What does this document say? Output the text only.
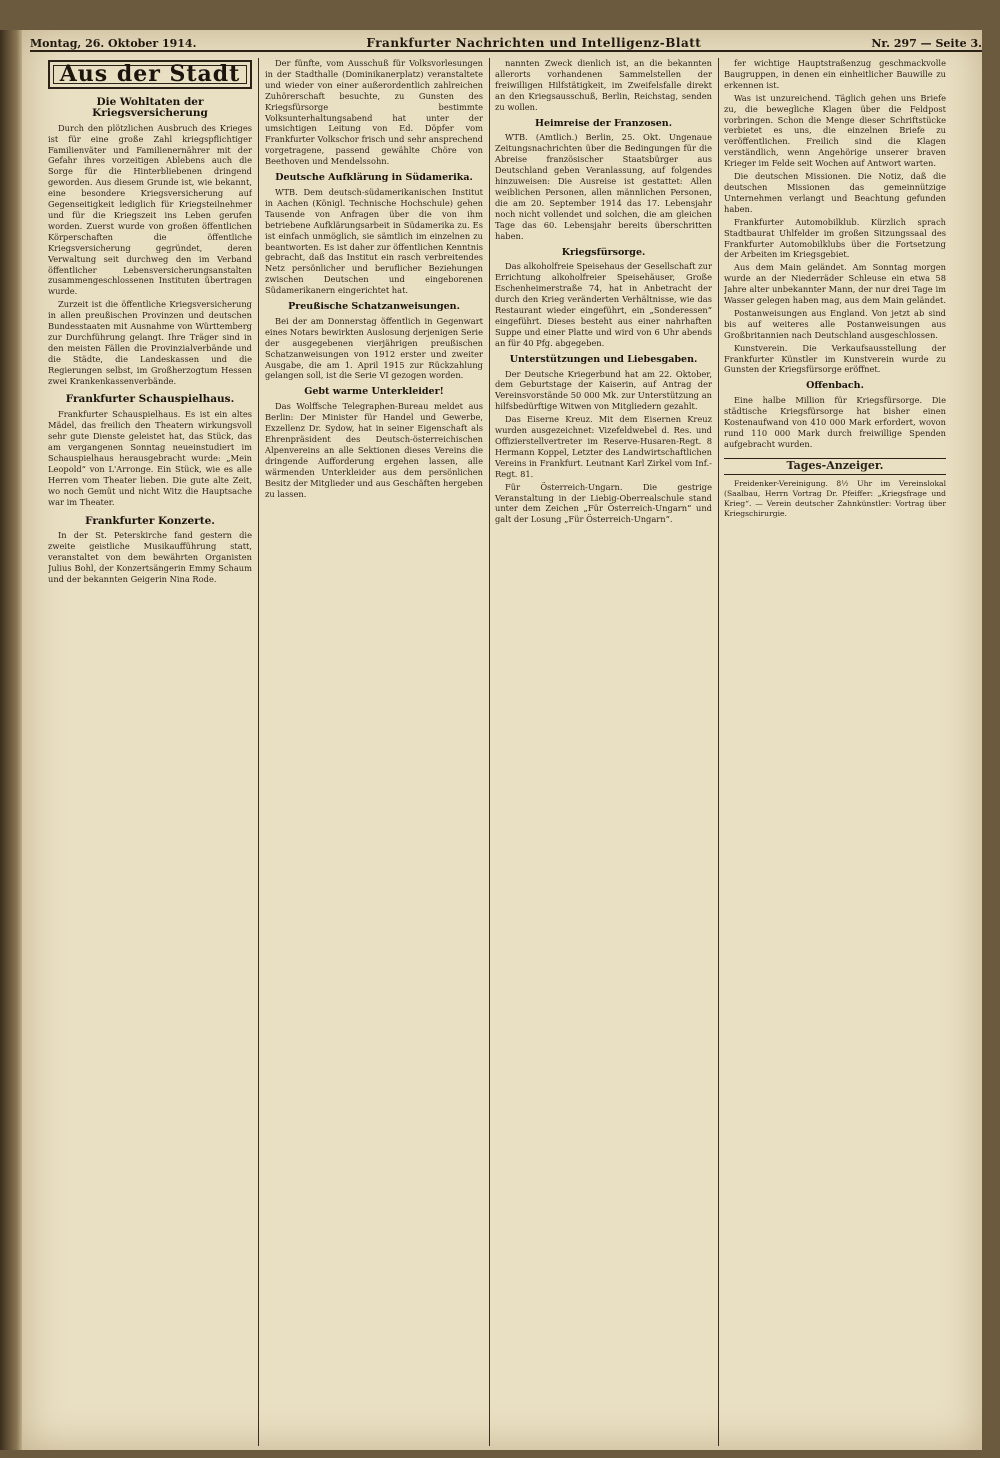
Montag, 26. Oktober 1914.	Frankfurter Nachrichten und Intelligenz-Blatt	Nr. 297 — Seite 3.
Aus der Stadt
Die Wohltaten der Kriegsversicherung

Durch den plötzlichen Ausbruch des Krieges ist für eine große Zahl kriegspflichtiger Familienväter und Familienernährer mit der Gefahr ihres vorzeitigen Ablebens auch die Sorge für die Hinterbliebenen dringend geworden. Aus diesem Grunde ist, wie bekannt, eine besondere Kriegsversicherung auf Gegenseitigkeit lediglich für Kriegsteilnehmer und für die Kriegszeit ins Leben gerufen worden. Zuerst wurde von großen öffentlichen Körperschaften die öffentliche Kriegsversicherung gegründet, deren Verwaltung seit durchweg den im Verband öffentlicher Lebensversicherungsanstalten zusammengeschlossenen Instituten übertragen wurde.

Zurzeit ist die öffentliche Kriegsversicherung in allen preußischen Provinzen und deutschen Bundesstaaten mit Ausnahme von Württemberg zur Durchführung gelangt. Ihre Träger sind in den meisten Fällen die Provinzialverbände und die Städte, die Landeskassen und die Regierungen selbst, im Großherzogtum Hessen zwei Krankenkassenverbände.

Frankfurter Schauspielhaus.

Frankfurter Schauspielhaus. Es ist ein altes Mädel, das freilich den Theatern wirkungsvoll sehr gute Dienste geleistet hat, das Stück, das am vergangenen Sonntag neueinstudiert im Schauspielhaus herausgebracht wurde: „Mein Leopold“ von L'Arronge. Ein Stück, wie es alle Herren vom Theater lieben. Die gute alte Zeit, wo noch Gemüt und nicht Witz die Hauptsache war im Theater.

Frankfurter Konzerte.

In der St. Peterskirche fand gestern die zweite geistliche Musikaufführung statt, veranstaltet von dem bewährten Organisten Julius Bohl, der Konzertsängerin Emmy Schaum und der bekannten Geigerin Nina Rode.

Der fünfte, vom Ausschuß für Volksvorlesungen in der Stadthalle (Dominikanerplatz) veranstaltete und wieder von einer außerordentlich zahlreichen Zuhörerschaft besuchte, zu Gunsten des Kriegsfürsorge bestimmte Volksunterhaltungsabend hat unter der umsichtigen Leitung von Ed. Döpfer vom Frankfurter Volkschor frisch und sehr ansprechend vorgetragene, passend gewählte Chöre von Beethoven und Mendelssohn.

Deutsche Aufklärung in Südamerika.

WTB. Dem deutsch-südamerikanischen Institut in Aachen (Königl. Technische Hochschule) gehen Tausende von Anfragen über die von ihm betriebene Aufklärungsarbeit in Südamerika zu. Es ist einfach unmöglich, sie sämtlich im einzelnen zu beantworten. Es ist daher zur öffentlichen Kenntnis gebracht, daß das Institut ein rasch verbreitendes Netz persönlicher und beruflicher Beziehungen zwischen Deutschen und eingeborenen Südamerikanern eingerichtet hat.

Preußische Schatzanweisungen.

Bei der am Donnerstag öffentlich in Gegenwart eines Notars bewirkten Auslosung derjenigen Serie der ausgegebenen vierjährigen preußischen Schatzanweisungen von 1912 erster und zweiter Ausgabe, die am 1. April 1915 zur Rückzahlung gelangen soll, ist die Serie VI gezogen worden.

Gebt warme Unterkleider!

Das Wolffsche Telegraphen-Bureau meldet aus Berlin: Der Minister für Handel und Gewerbe, Exzellenz Dr. Sydow, hat in seiner Eigenschaft als Ehrenpräsident des Deutsch-österreichischen Alpenvereins an alle Sektionen dieses Vereins die dringende Aufforderung ergehen lassen, alle wärmenden Unterkleider aus dem persönlichen Besitz der Mitglieder und aus Geschäften hergeben zu lassen.

nannten Zweck dienlich ist, an die bekannten allerorts vorhandenen Sammelstellen der freiwilligen Hilfstätigkeit, im Zweifelsfalle direkt an den Kriegsausschuß, Berlin, Reichstag, senden zu wollen.

Heimreise der Franzosen.

WTB. (Amtlich.) Berlin, 25. Okt. Ungenaue Zeitungsnachrichten über die Bedingungen für die Abreise französischer Staatsbürger aus Deutschland geben Veranlassung, auf folgendes hinzuweisen: Die Ausreise ist gestattet: Allen weiblichen Personen, allen männlichen Personen, die am 20. September 1914 das 17. Lebensjahr noch nicht vollendet und solchen, die am gleichen Tage das 60. Lebensjahr bereits überschritten haben.

Kriegsfürsorge.

Das alkoholfreie Speisehaus der Gesellschaft zur Errichtung alkoholfreier Speisehäuser, Große Eschenheimerstraße 74, hat in Anbetracht der durch den Krieg veränderten Verhältnisse, wie das Restaurant wieder eingeführt, ein „Sonderessen“ eingeführt. Dieses besteht aus einer nahrhaften Suppe und einer Platte und wird von 6 Uhr abends an für 40 Pfg. abgegeben.

Unterstützungen und Liebesgaben.

Der Deutsche Kriegerbund hat am 22. Oktober, dem Geburtstage der Kaiserin, auf Antrag der Vereinsvorstände 50 000 Mk. zur Unterstützung an hilfsbedürftige Witwen von Mitgliedern gezahlt.

Das Eiserne Kreuz. Mit dem Eisernen Kreuz wurden ausgezeichnet: Vizefeldwebel d. Res. und Offizierstellvertreter im Reserve-Husaren-Regt. 8 Hermann Koppel, Letzter des Landwirtschaftlichen Vereins in Frankfurt. Leutnant Karl Zirkel vom Inf.-Regt. 81.

Für Österreich-Ungarn. Die gestrige Veranstaltung in der Liebig-Oberrealschule stand unter dem Zeichen „Für Österreich-Ungarn“ und galt der Losung „Für Österreich-Ungarn“.

fer wichtige Hauptstraßenzug geschmackvolle Baugruppen, in denen ein einheitlicher Bauwille zu erkennen ist.

Was ist unzureichend. Täglich gehen uns Briefe zu, die bewegliche Klagen über die Feldpost vorbringen. Schon die Menge dieser Schriftstücke verbietet es uns, die einzelnen Briefe zu veröffentlichen. Freilich sind die Klagen verständlich, wenn Angehörige unserer braven Krieger im Felde seit Wochen auf Antwort warten.

Die deutschen Missionen. Die Notiz, daß die deutschen Missionen das gemeinnützige Unternehmen verlangt und Beachtung gefunden haben.

Frankfurter Automobilklub. Kürzlich sprach Stadtbaurat Uhlfelder im großen Sitzungssaal des Frankfurter Automobilklubs über die Fortsetzung der Arbeiten im Kriegsgebiet.

Aus dem Main geländet. Am Sonntag morgen wurde an der Niederräder Schleuse ein etwa 58 Jahre alter unbekannter Mann, der nur drei Tage im Wasser gelegen haben mag, aus dem Main geländet.

Postanweisungen aus England. Von jetzt ab sind bis auf weiteres alle Postanweisungen aus Großbritannien nach Deutschland ausgeschlossen.

Kunstverein. Die Verkaufsausstellung der Frankfurter Künstler im Kunstverein wurde zu Gunsten der Kriegsfürsorge eröffnet.

Offenbach.

Eine halbe Million für Kriegsfürsorge. Die städtische Kriegsfürsorge hat bisher einen Kostenaufwand von 410 000 Mark erfordert, wovon rund 110 000 Mark durch freiwillige Spenden aufgebracht wurden.

Tages-Anzeiger.

Freidenker-Vereinigung. 8½ Uhr im Vereinslokal (Saalbau, Herrn Vortrag Dr. Pfeiffer: „Kriegsfrage und Krieg“. — Verein deutscher Zahnkünstler: Vortrag über Kriegschirurgie.
